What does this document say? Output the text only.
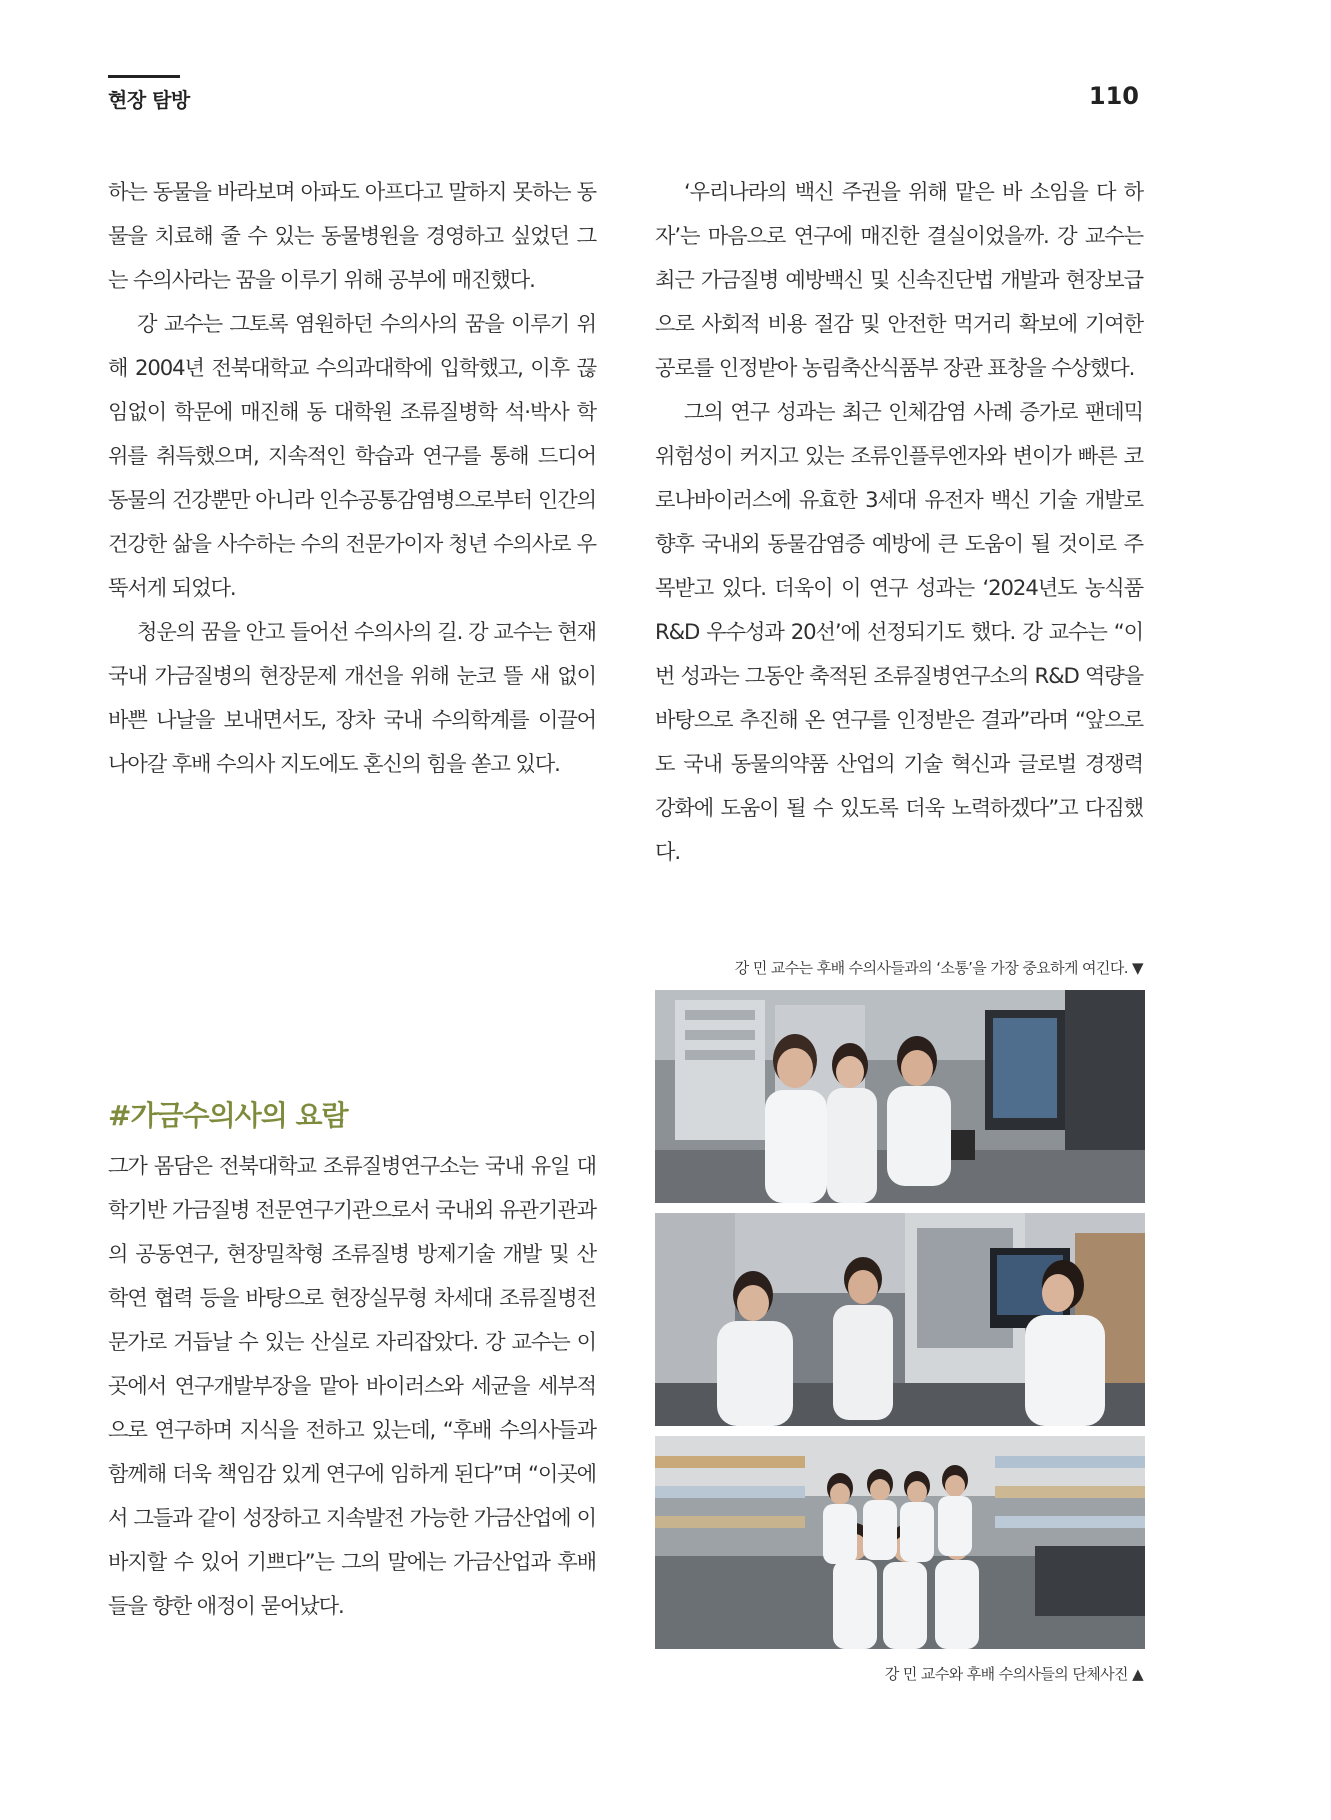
현장 탐방	110

하는 동물을 바라보며 아파도 아프다고 말하지 못하는 동물을 치료해 줄 수 있는 동물병원을 경영하고 싶었던 그는 수의사라는 꿈을 이루기 위해 공부에 매진했다.

강 교수는 그토록 염원하던 수의사의 꿈을 이루기 위해 2004년 전북대학교 수의과대학에 입학했고, 이후 끊임없이 학문에 매진해 동 대학원 조류질병학 석·박사 학위를 취득했으며, 지속적인 학습과 연구를 통해 드디어 동물의 건강뿐만 아니라 인수공통감염병으로부터 인간의 건강한 삶을 사수하는 수의 전문가이자 청년 수의사로 우뚝서게 되었다.

청운의 꿈을 안고 들어선 수의사의 길. 강 교수는 현재 국내 가금질병의 현장문제 개선을 위해 눈코 뜰 새 없이 바쁜 나날을 보내면서도, 장차 국내 수의학계를 이끌어 나아갈 후배 수의사 지도에도 혼신의 힘을 쏟고 있다.

‘우리나라의 백신 주권을 위해 맡은 바 소임을 다 하자’는 마음으로 연구에 매진한 결실이었을까. 강 교수는 최근 가금질병 예방백신 및 신속진단법 개발과 현장보급으로 사회적 비용 절감 및 안전한 먹거리 확보에 기여한 공로를 인정받아 농림축산식품부 장관 표창을 수상했다.

그의 연구 성과는 최근 인체감염 사례 증가로 팬데믹 위험성이 커지고 있는 조류인플루엔자와 변이가 빠른 코로나바이러스에 유효한 3세대 유전자 백신 기술 개발로 향후 국내외 동물감염증 예방에 큰 도움이 될 것이로 주목받고 있다. 더욱이 이 연구 성과는 ‘2024년도 농식품 R&D 우수성과 20선’에 선정되기도 했다. 강 교수는 “이번 성과는 그동안 축적된 조류질병연구소의 R&D 역량을 바탕으로 추진해 온 연구를 인정받은 결과”라며 “앞으로도 국내 동물의약품 산업의 기술 혁신과 글로벌 경쟁력 강화에 도움이 될 수 있도록 더욱 노력하겠다”고 다짐했다.

#가금수의사의 요람

그가 몸담은 전북대학교 조류질병연구소는 국내 유일 대학기반 가금질병 전문연구기관으로서 국내외 유관기관과의 공동연구, 현장밀착형 조류질병 방제기술 개발 및 산학연 협력 등을 바탕으로 현장실무형 차세대 조류질병전문가로 거듭날 수 있는 산실로 자리잡았다. 강 교수는 이곳에서 연구개발부장을 맡아 바이러스와 세균을 세부적으로 연구하며 지식을 전하고 있는데, “후배 수의사들과 함께해 더욱 책임감 있게 연구에 임하게 된다”며 “이곳에서 그들과 같이 성장하고 지속발전 가능한 가금산업에 이바지할 수 있어 기쁘다”는 그의 말에는 가금산업과 후배들을 향한 애정이 묻어났다.

강 민 교수는 후배 수의사들과의 ‘소통’을 가장 중요하게 여긴다. ▼
강 민 교수와 후배 수의사들의 단체사진 ▲
